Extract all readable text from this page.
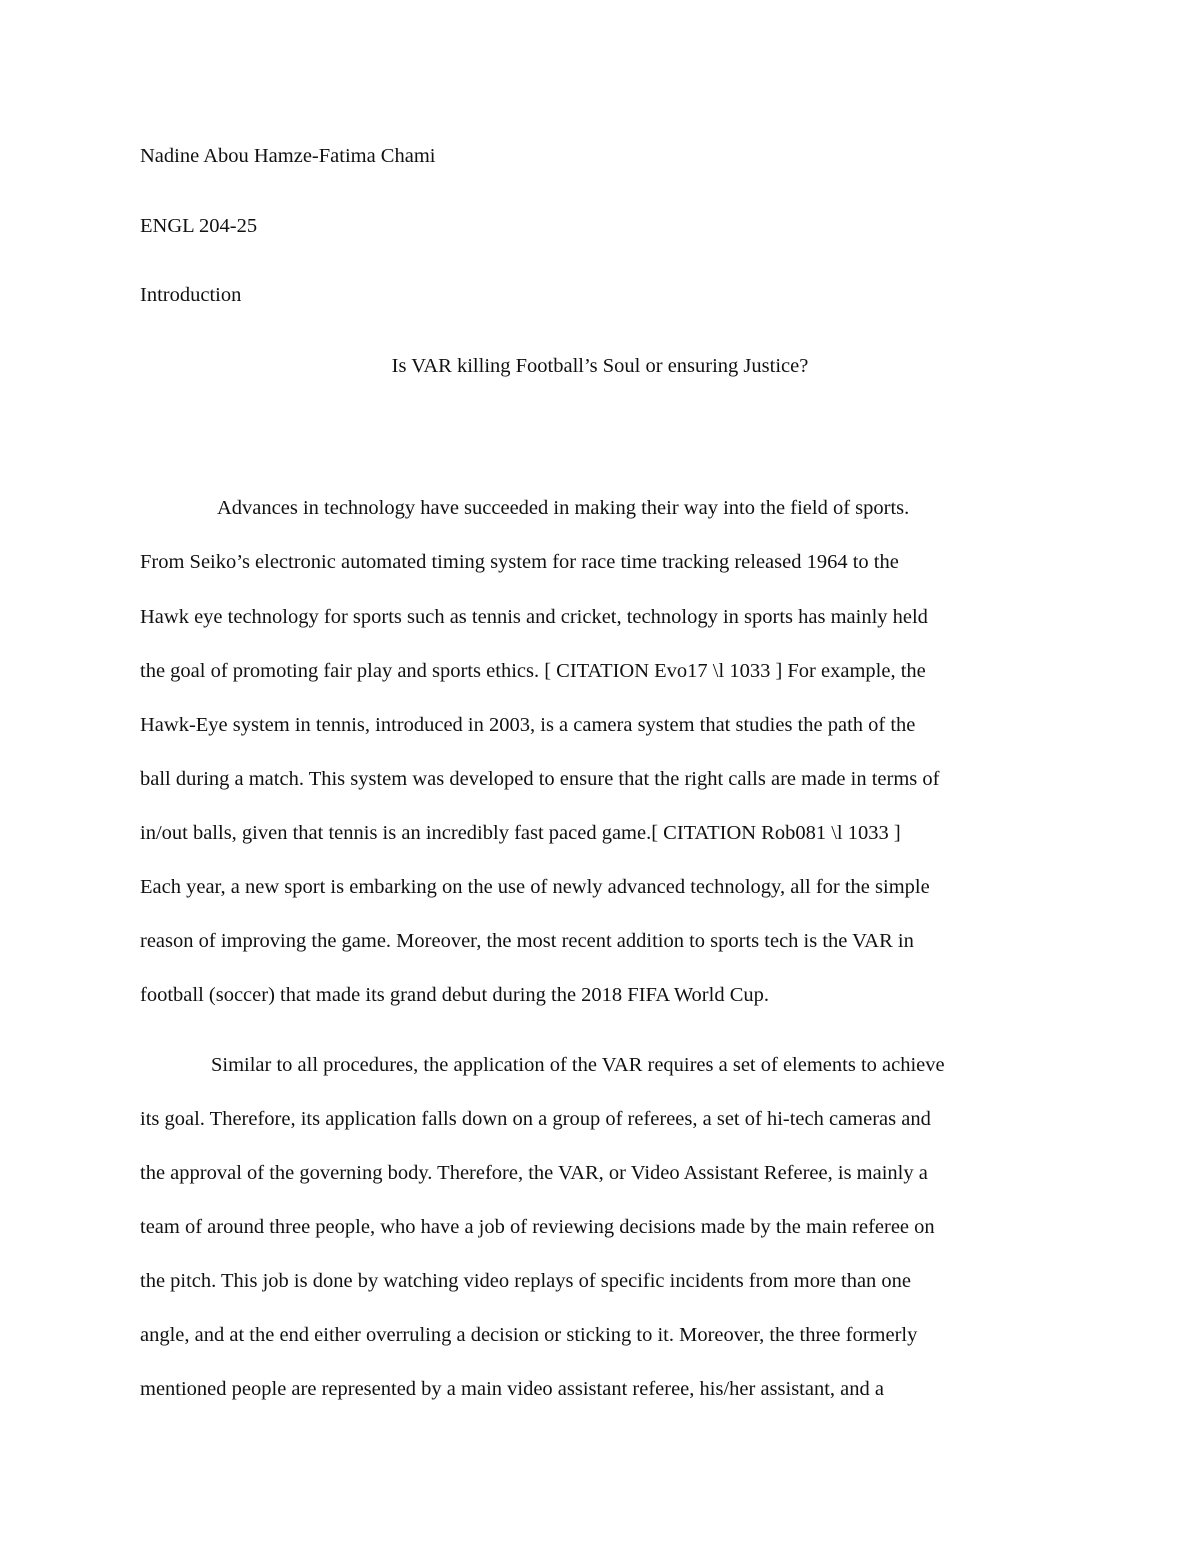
Nadine Abou Hamze-Fatima Chami
ENGL 204-25
Introduction
Is VAR killing Football’s Soul or ensuring Justice?
Advances in technology have succeeded in making their way into the field of sports.
From Seiko’s electronic automated timing system for race time tracking released 1964 to the
Hawk eye technology for sports such as tennis and cricket, technology in sports has mainly held
the goal of promoting fair play and sports ethics. [ CITATION Evo17 \l 1033 ] For example, the
Hawk-Eye system in tennis, introduced in 2003, is a camera system that studies the path of the
ball during a match. This system was developed to ensure that the right calls are made in terms of
in/out balls, given that tennis is an incredibly fast paced game.[ CITATION Rob081 \l 1033 ]
Each year, a new sport is embarking on the use of newly advanced technology, all for the simple
reason of improving the game. Moreover, the most recent addition to sports tech is the VAR in
football (soccer) that made its grand debut during the 2018 FIFA World Cup.
Similar to all procedures, the application of the VAR requires a set of elements to achieve
its goal. Therefore, its application falls down on a group of referees, a set of hi-tech cameras and
the approval of the governing body. Therefore, the VAR, or Video Assistant Referee, is mainly a
team of around three people, who have a job of reviewing decisions made by the main referee on
the pitch. This job is done by watching video replays of specific incidents from more than one
angle, and at the end either overruling a decision or sticking to it. Moreover, the three formerly
mentioned people are represented by a main video assistant referee, his/her assistant, and a
